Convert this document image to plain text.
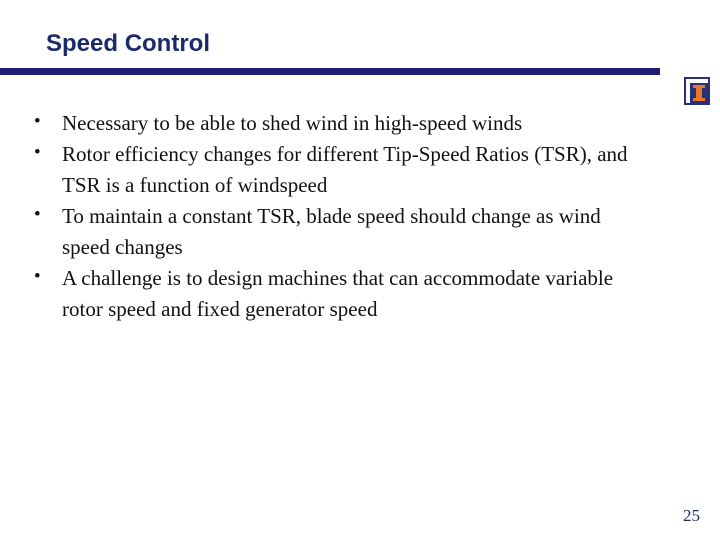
Speed Control
• Necessary to be able to shed wind in high-speed winds
• Rotor efficiency changes for different Tip-Speed Ratios (TSR), and TSR is a function of windspeed
• To maintain a constant TSR, blade speed should change as wind speed changes
• A challenge is to design machines that can accommodate variable rotor speed and fixed generator speed
25
